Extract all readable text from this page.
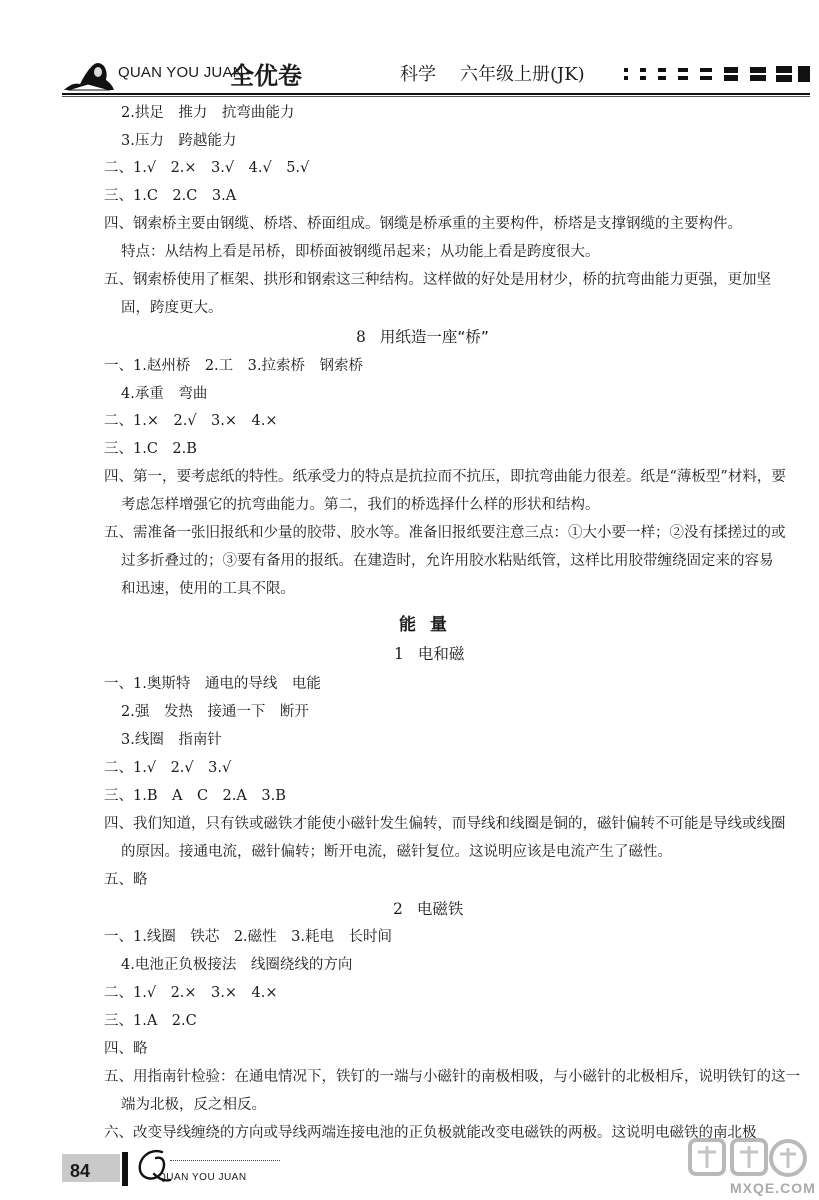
QUAN YOU JUAN
全优卷	科学 六年级上册(JK)
2.拱足　推力　抗弯曲能力
3.压力　跨越能力
二、1.√　2.×　3.√　4.√　5.√
三、1.C　2.C　3.A
四、钢索桥主要由钢缆、桥塔、桥面组成。钢缆是桥承重的主要构件，桥塔是支撑钢缆的主要构件。
特点：从结构上看是吊桥，即桥面被钢缆吊起来；从功能上看是跨度很大。
五、钢索桥使用了框架、拱形和钢索这三种结构。这样做的好处是用材少，桥的抗弯曲能力更强，更加坚
固，跨度更大。
8 用纸造一座“桥”
一、1.赵州桥　2.工　3.拉索桥　钢索桥
4.承重　弯曲
二、1.×　2.√　3.×　4.×
三、1.C　2.B
四、第一，要考虑纸的特性。纸承受力的特点是抗拉而不抗压，即抗弯曲能力很差。纸是“薄板型”材料，要
考虑怎样增强它的抗弯曲能力。第二，我们的桥选择什么样的形状和结构。
五、需准备一张旧报纸和少量的胶带、胶水等。准备旧报纸要注意三点：①大小要一样；②没有揉搓过的或
过多折叠过的；③要有备用的报纸。在建造时，允许用胶水粘贴纸管，这样比用胶带缠绕固定来的容易
和迅速，使用的工具不限。
能量
1 电和磁
一、1.奥斯特　通电的导线　电能
2.强　发热　接通一下　断开
3.线圈　指南针
二、1.√　2.√　3.√
三、1.B　A　C　2.A　3.B
四、我们知道，只有铁或磁铁才能使小磁针发生偏转，而导线和线圈是铜的，磁针偏转不可能是导线或线圈
的原因。接通电流，磁针偏转；断开电流，磁针复位。这说明应该是电流产生了磁性。
五、略
2 电磁铁
一、1.线圈　铁芯　2.磁性　3.耗电　长时间
4.电池正负极接法　线圈绕线的方向
二、1.√　2.×　3.×　4.×
三、1.A　2.C
四、略
五、用指南针检验：在通电情况下，铁钉的一端与小磁针的南极相吸，与小磁针的北极相斥，说明铁钉的这一
端为北极，反之相反。
六、改变导线缠绕的方向或导线两端连接电池的正负极就能改变电磁铁的两极。这说明电磁铁的南北极
84	QUAN YOU JUAN
MXQE.COM
